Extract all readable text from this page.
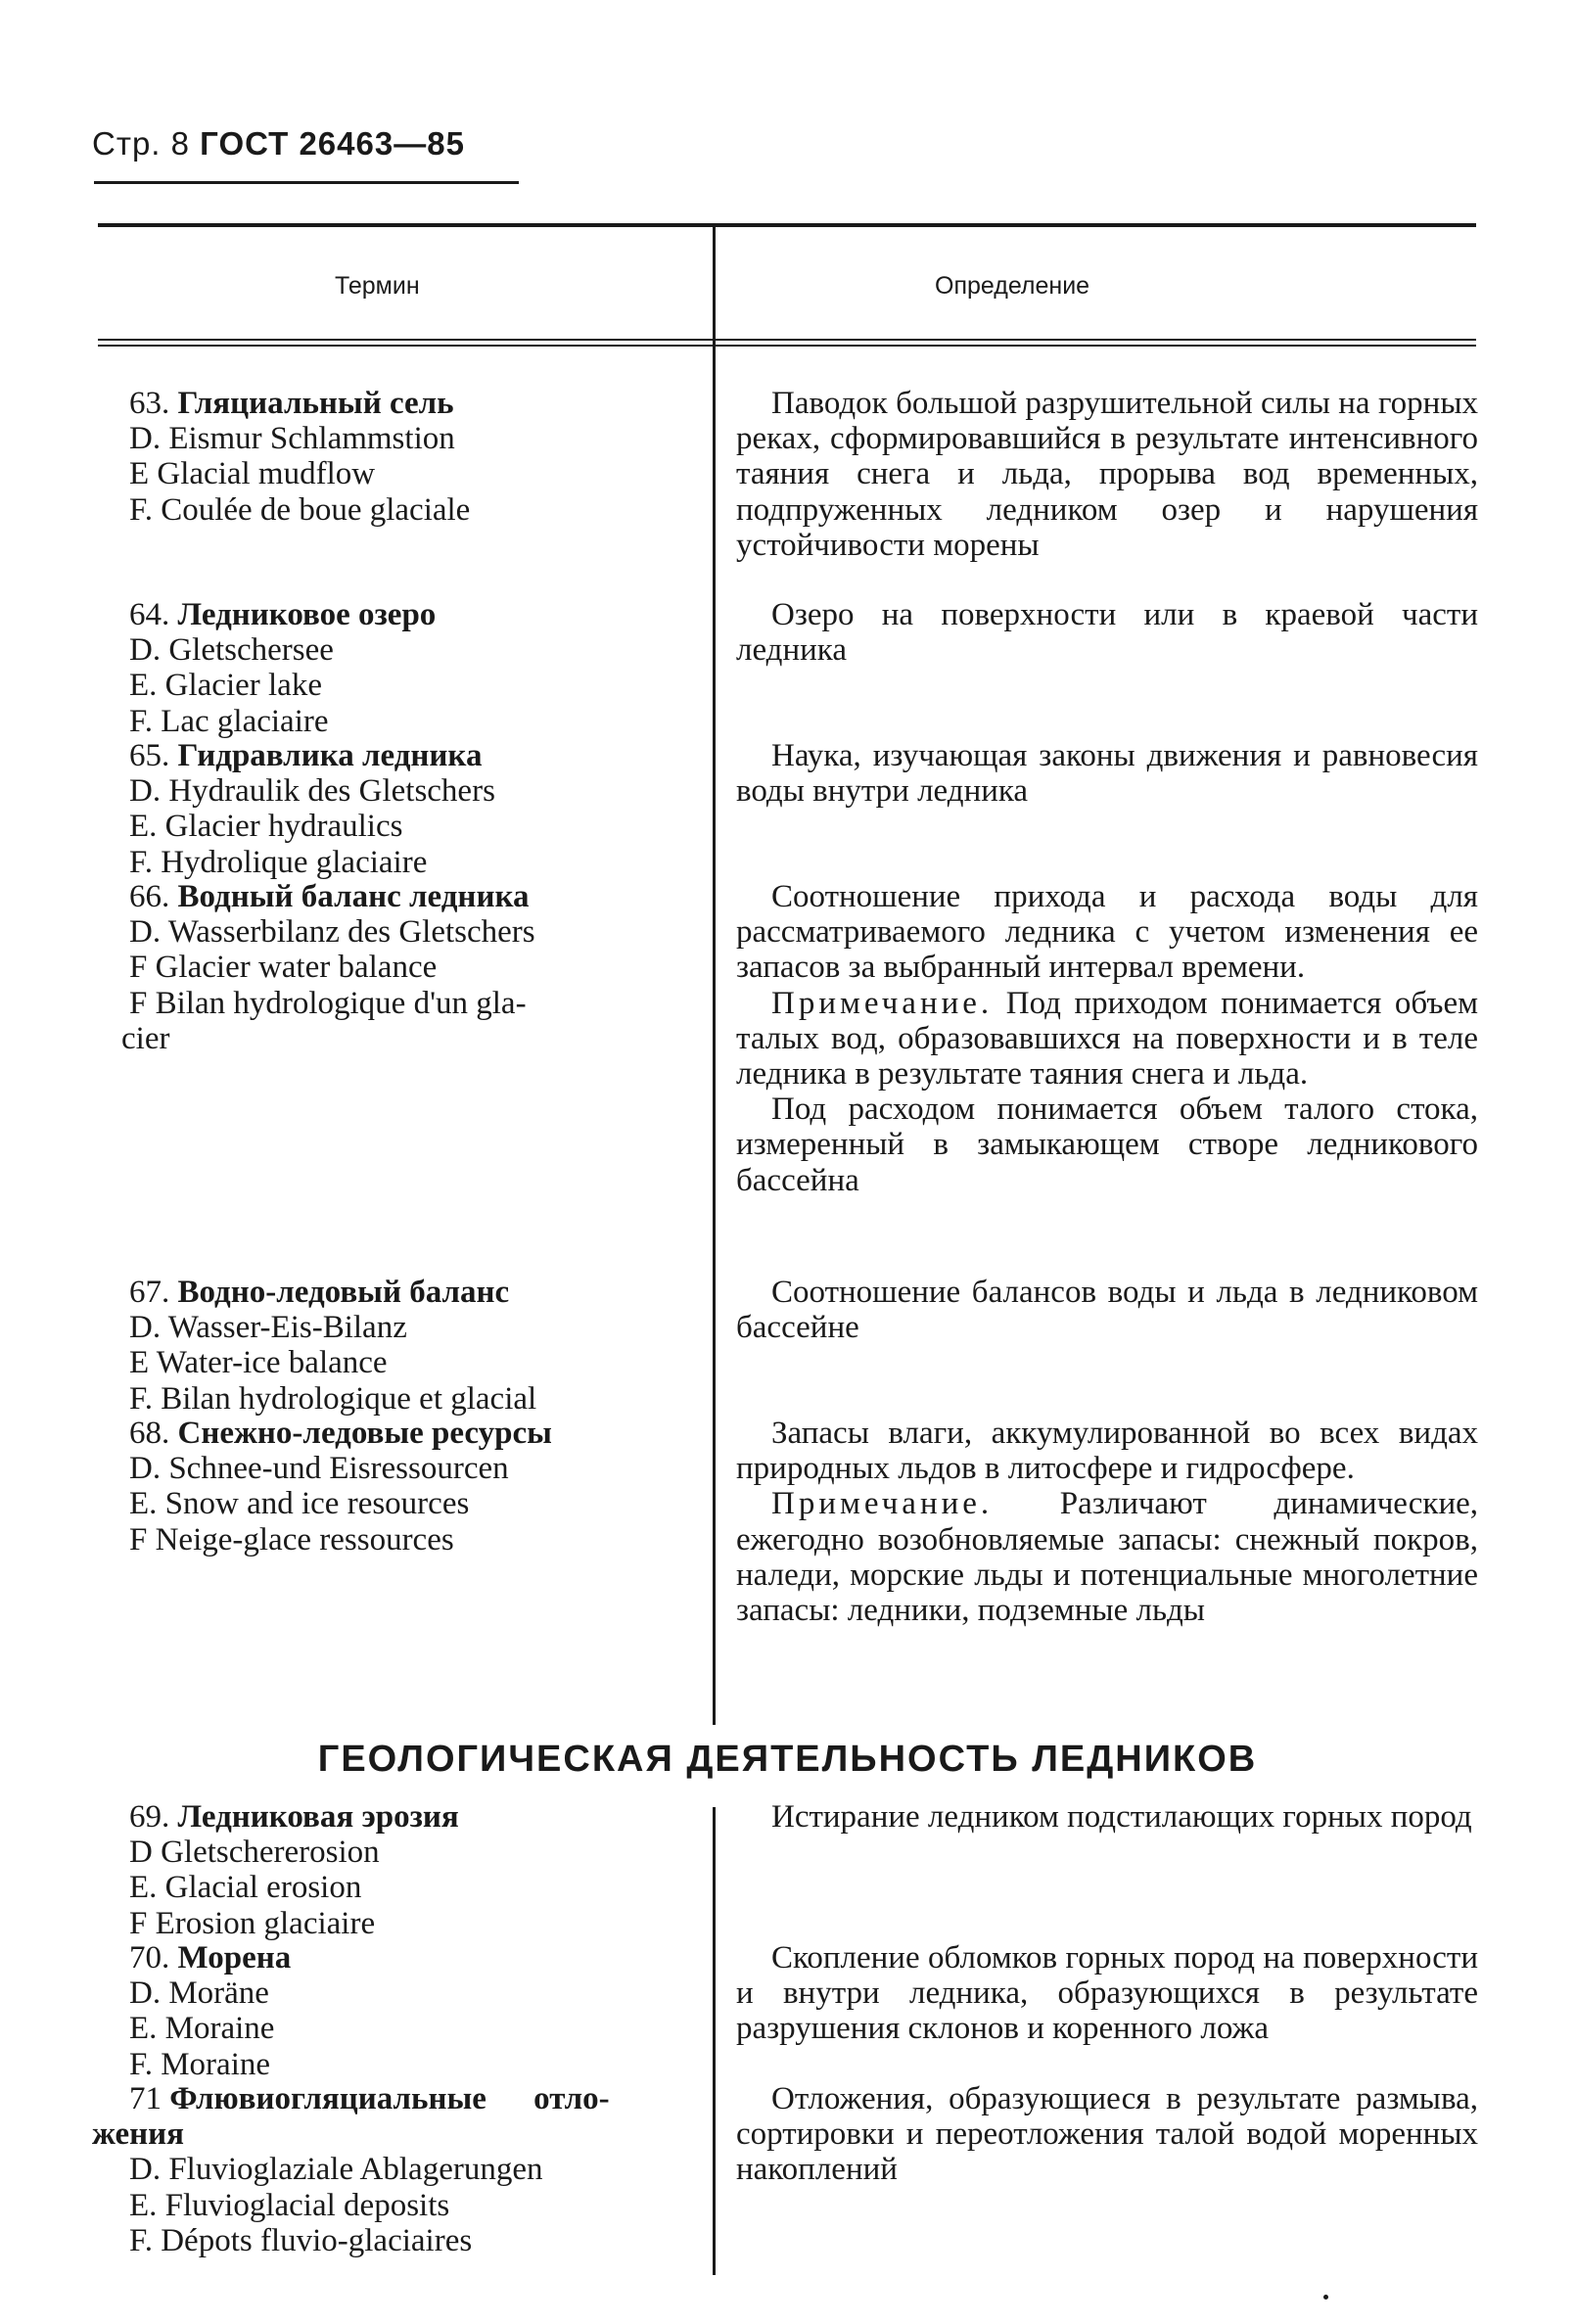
Стр. 8 ГОСТ 26463—85
Термин	Определение
63. Гляциальный сель
D. Eismur Schlammstion
E Glacial mudflow
F. Coulée de boue glaciale

Паводок большой разрушительной силы на горных реках, сформировавшийся в результате интенсивного таяния снега и льда, прорыва вод временных, подпруженных ледником озер и нарушения устойчивости морены

64. Ледниковое озеро
D. Gletschersee
E. Glacier lake
F. Lac glaciaire

Озеро на поверхности или в краевой части ледника

65. Гидравлика ледника
D. Hydraulik des Gletschers
E. Glacier hydraulics
F. Hydrolique glaciaire

Наука, изучающая законы движения и равновесия воды внутри ледника

66. Водный баланс ледника
D. Wasserbilanz des Gletschers
F Glacier water balance
F Bilan hydrologique d'un gla-
cier

Соотношение прихода и расхода воды для рассматриваемого ледника с учетом изменения ее запасов за выбранный интервал времени.

Примечание. Под приходом понимается объем талых вод, образовавшихся на поверхности и в теле ледника в результате таяния снега и льда.

Под расходом понимается объем талого стока, измеренный в замыкающем створе ледникового бассейна

67. Водно-ледовый баланс
D. Wasser-Eis-Bilanz
E Water-ice balance
F. Bilan hydrologique et glacial

Соотношение балансов воды и льда в ледниковом бассейне

68. Снежно-ледовые ресурсы
D. Schnee-und Eisressourcen
E. Snow and ice resources
F Neige-glace ressources

Запасы влаги, аккумулированной во всех видах природных льдов в литосфере и гидросфере.

Примечание. Различают динамические, ежегодно возобновляемые запасы: снежный покров, наледи, морские льды и потенциальные многолетние запасы: ледники, подземные льды

ГЕОЛОГИЧЕСКАЯ ДЕЯТЕЛЬНОСТЬ ЛЕДНИКОВ
69. Ледниковая эрозия
D Gletschererosion
E. Glacial erosion
F Erosion glaciaire

Истирание ледником подстилающих горных пород

70. Морена
D. Moräne
E. Moraine
F. Moraine

Скопление обломков горных пород на поверхности и внутри ледника, образующихся в результате разрушения склонов и коренного ложа

71 Флювиогляциальные отло-
жения
D. Fluvioglaziale Ablagerungen
E. Fluvioglacial deposits
F. Dépots fluvio-glaciaires

Отложения, образующиеся в результате размыва, сортировки и переотложения талой водой моренных накоплений
